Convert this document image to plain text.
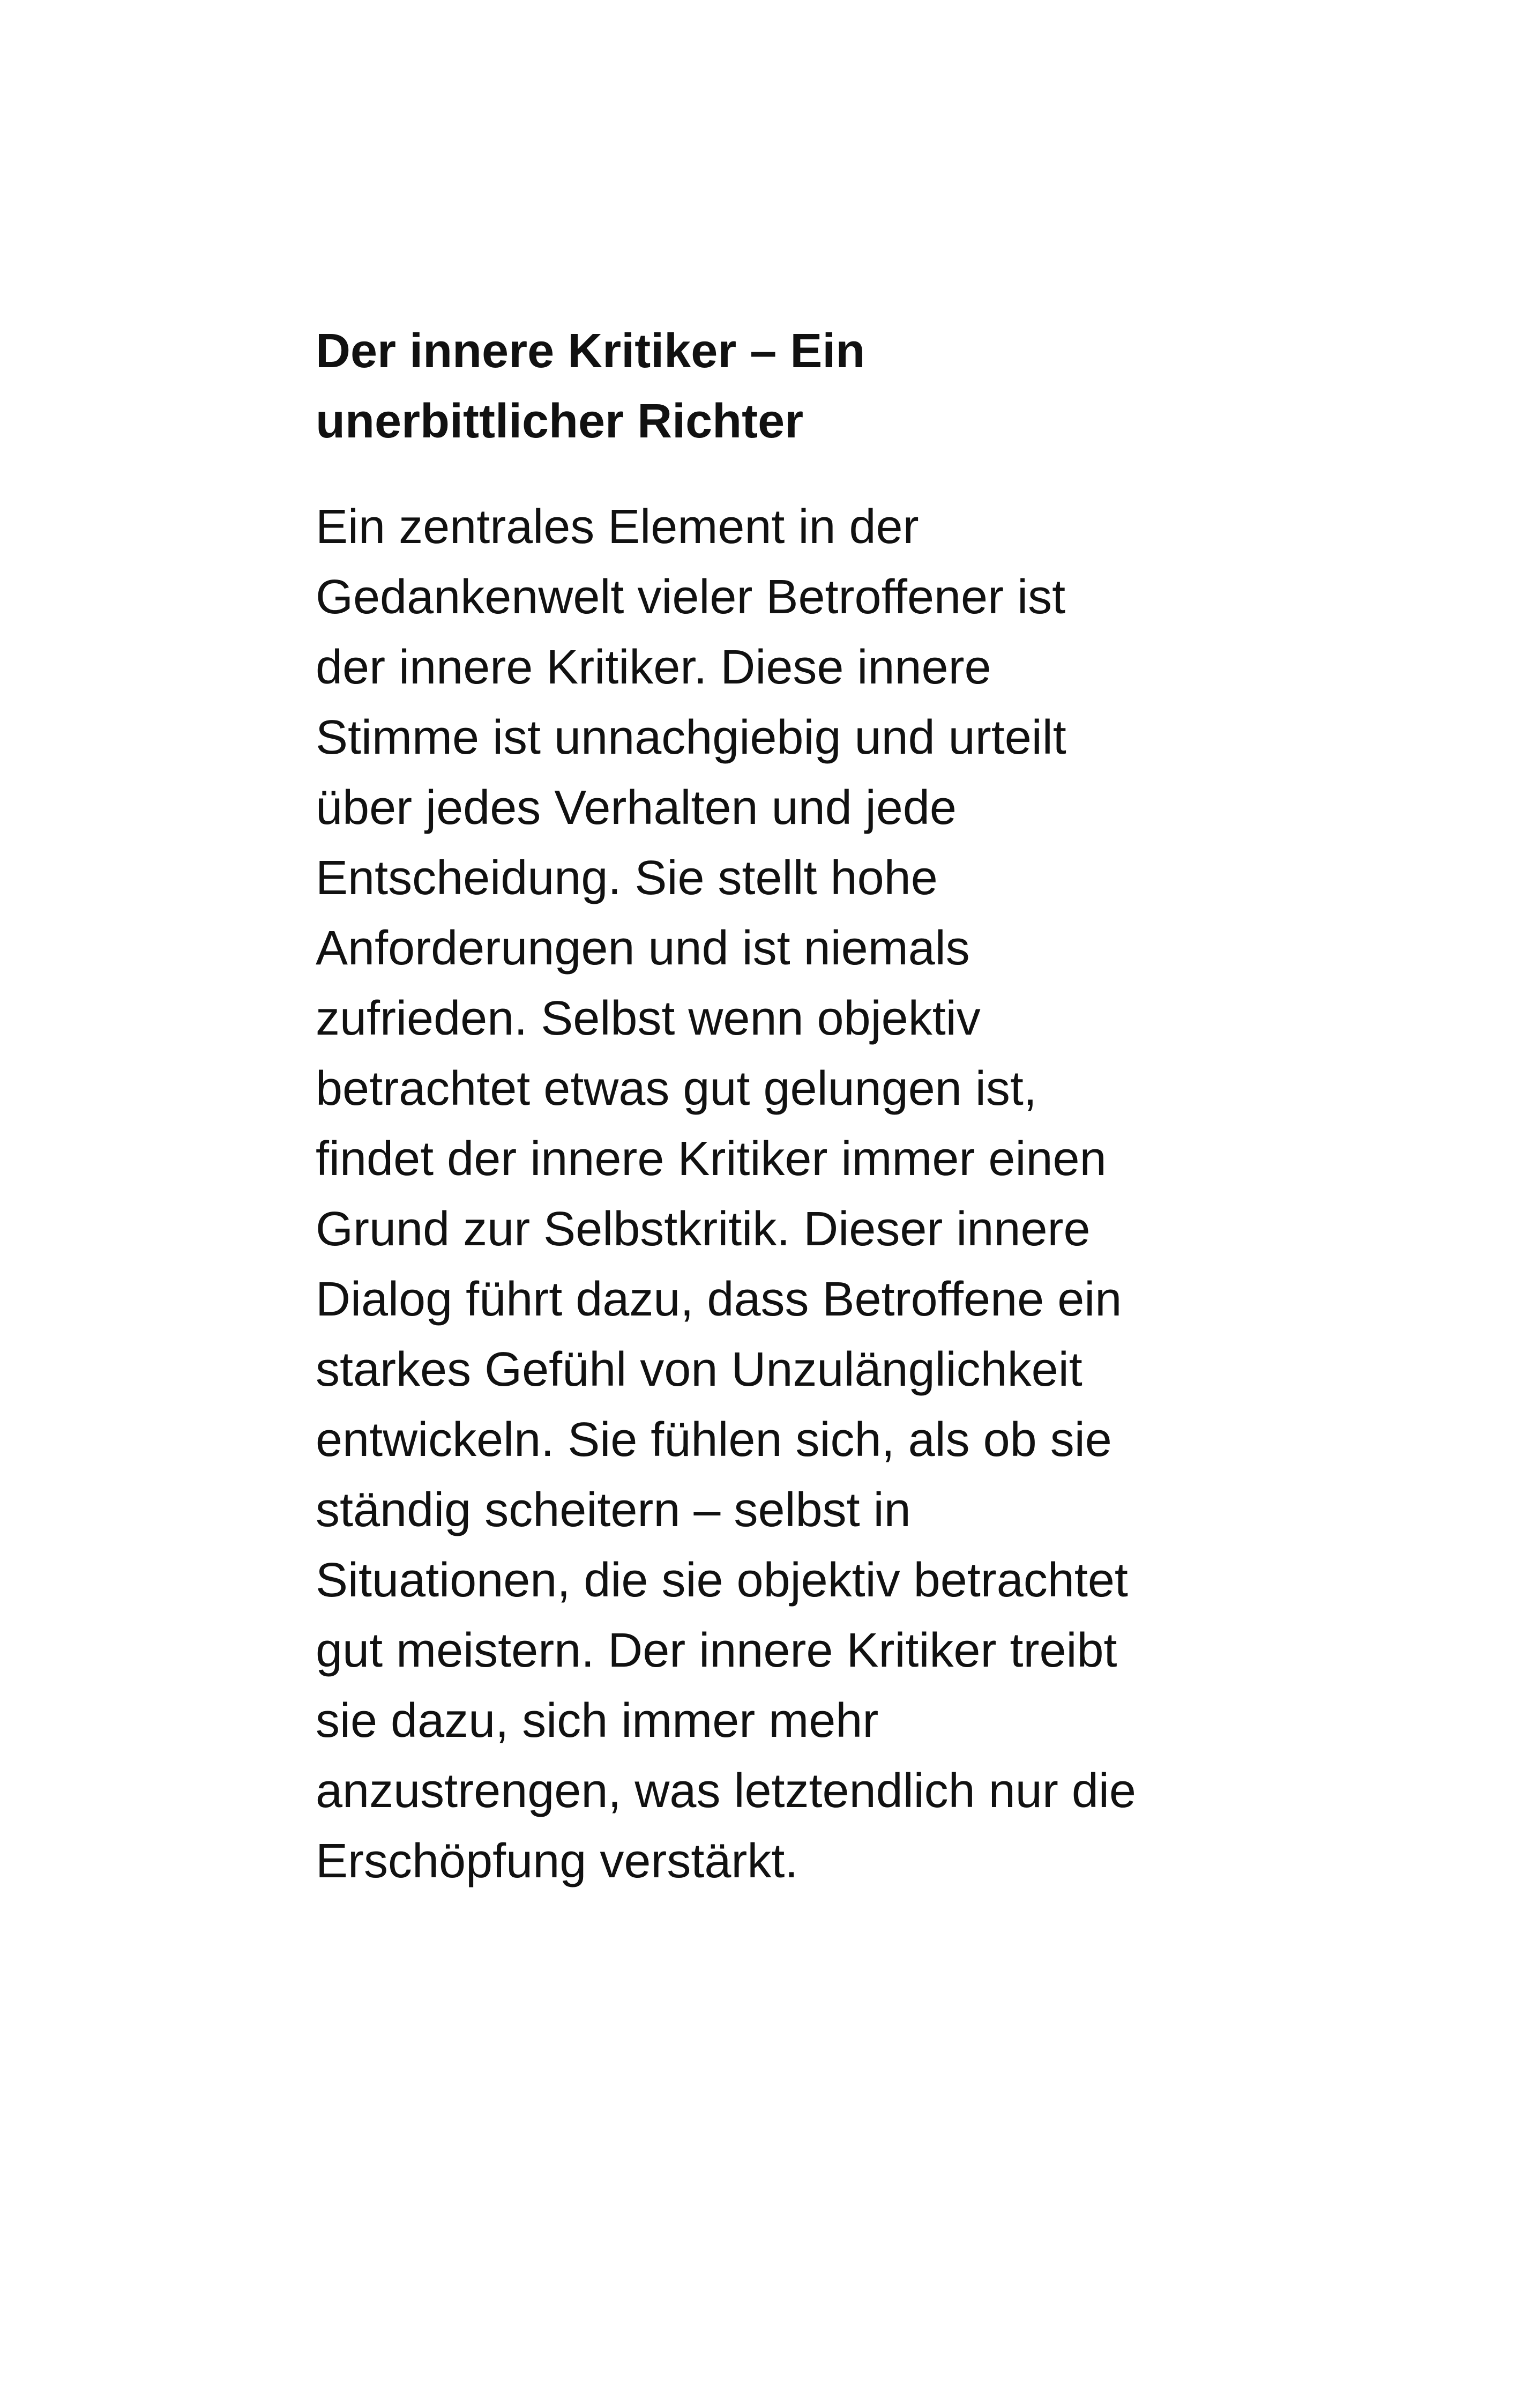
Der innere Kritiker – Ein
unerbittlicher Richter

Ein zentrales Element in der
Gedankenwelt vieler Betroffener ist
der innere Kritiker. Diese innere
Stimme ist unnachgiebig und urteilt
über jedes Verhalten und jede
Entscheidung. Sie stellt hohe
Anforderungen und ist niemals
zufrieden. Selbst wenn objektiv
betrachtet etwas gut gelungen ist,
findet der innere Kritiker immer einen
Grund zur Selbstkritik. Dieser innere
Dialog führt dazu, dass Betroffene ein
starkes Gefühl von Unzulänglichkeit
entwickeln. Sie fühlen sich, als ob sie
ständig scheitern – selbst in
Situationen, die sie objektiv betrachtet
gut meistern. Der innere Kritiker treibt
sie dazu, sich immer mehr
anzustrengen, was letztendlich nur die
Erschöpfung verstärkt.
